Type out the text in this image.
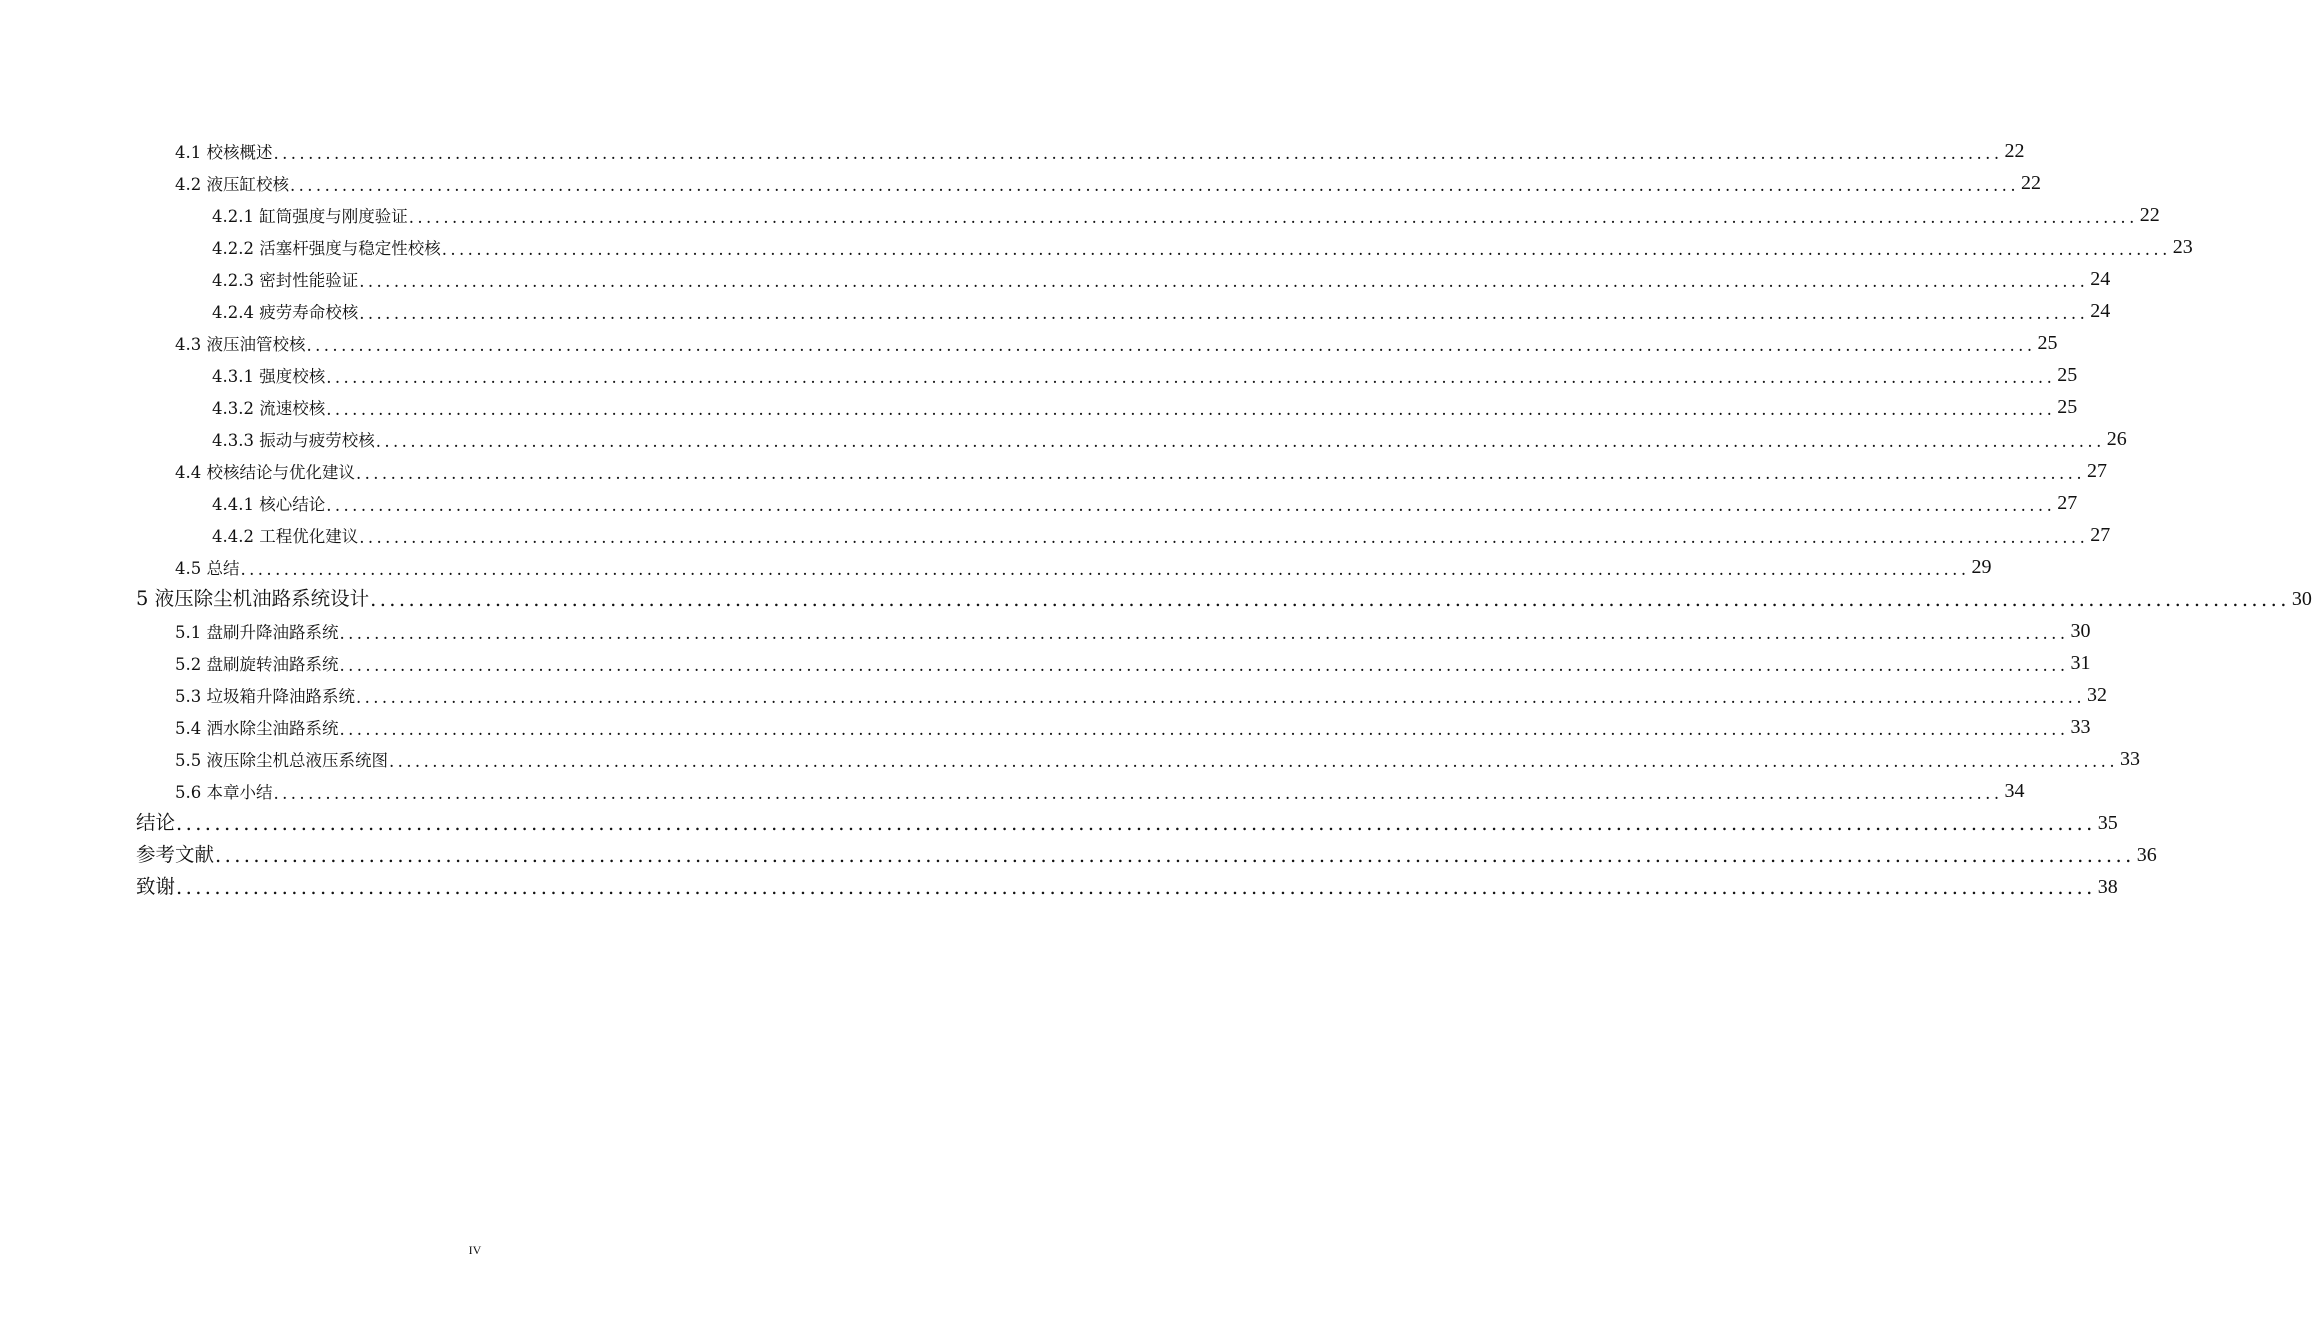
4.1 校核概述 ........................................................................................................................................................................................................ 22
4.2 液压缸校核 ........................................................................................................................................................................................................ 22
4.2.1 缸筒强度与刚度验证 ........................................................................................................................................................................................................ 22
4.2.2 活塞杆强度与稳定性校核 ........................................................................................................................................................................................................ 23
4.2.3 密封性能验证 ........................................................................................................................................................................................................ 24
4.2.4 疲劳寿命校核 ........................................................................................................................................................................................................ 24
4.3 液压油管校核 ........................................................................................................................................................................................................ 25
4.3.1 强度校核 ........................................................................................................................................................................................................ 25
4.3.2 流速校核 ........................................................................................................................................................................................................ 25
4.3.3 振动与疲劳校核 ........................................................................................................................................................................................................ 26
4.4 校核结论与优化建议 ........................................................................................................................................................................................................ 27
4.4.1 核心结论 ........................................................................................................................................................................................................ 27
4.4.2 工程优化建议 ........................................................................................................................................................................................................ 27
4.5 总结 ........................................................................................................................................................................................................ 29
5 液压除尘机油路系统设计 ........................................................................................................................................................................................................ 30
5.1 盘刷升降油路系统 ........................................................................................................................................................................................................ 30
5.2 盘刷旋转油路系统 ........................................................................................................................................................................................................ 31
5.3 垃圾箱升降油路系统 ........................................................................................................................................................................................................ 32
5.4 洒水除尘油路系统 ........................................................................................................................................................................................................ 33
5.5 液压除尘机总液压系统图 ........................................................................................................................................................................................................ 33
5.6 本章小结 ........................................................................................................................................................................................................ 34
结论 ........................................................................................................................................................................................................ 35
参考文献 ........................................................................................................................................................................................................ 36
致谢 ........................................................................................................................................................................................................ 38
IV
